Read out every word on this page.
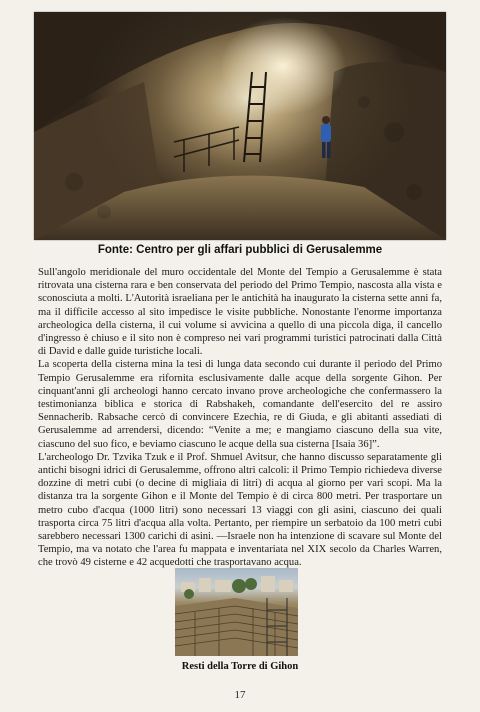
Fonte: Centro per gli affari pubblici di Gerusalemme

Sull'angolo meridionale del muro occidentale del Monte del Tempio a Gerusalemme è stata ritrovata una cisterna rara e ben conservata del periodo del Primo Tempio, nascosta alla vista e sconosciuta a molti. L'Autorità israeliana per le antichità ha inaugurato la cisterna sette anni fa, ma il difficile accesso al sito impedisce le visite pubbliche. Nonostante l'enorme importanza archeologica della cisterna, il cui volume si avvicina a quello di una piccola diga, il cancello d'ingresso è chiuso e il sito non è compreso nei vari programmi turistici patrocinati dalla Città di David e dalle guide turistiche locali.

La scoperta della cisterna mina la tesi di lunga data secondo cui durante il periodo del Primo Tempio Gerusalemme era rifornita esclusivamente dalle acque della sorgente Gihon. Per cinquant'anni gli archeologi hanno cercato invano prove archeologiche che confermassero la testimonianza biblica e storica di Rabshakeh, comandante dell'esercito del re assiro Sennacherib. Rabsache cercò di convincere Ezechia, re di Giuda, e gli abitanti assediati di Gerusalemme ad arrendersi, dicendo: “Venite a me; e mangiamo ciascuno della sua vite, ciascuno del suo fico, e beviamo ciascuno le acque della sua cisterna [Isaia 36]”.

L'archeologo Dr. Tzvika Tzuk e il Prof. Shmuel Avitsur, che hanno discusso separatamente gli antichi bisogni idrici di Gerusalemme, offrono altri calcoli: il Primo Tempio richiedeva diverse dozzine di metri cubi (o decine di migliaia di litri) di acqua al giorno per vari scopi. Ma la distanza tra la sorgente Gihon e il Monte del Tempio è di circa 800 metri. Per trasportare un metro cubo d'acqua (1000 litri) sono necessari 13 viaggi con gli asini, ciascuno dei quali trasporta circa 75 litri d'acqua alla volta. Pertanto, per riempire un serbatoio da 100 metri cubi sarebbero necessari 1300 carichi di asini. —Israele non ha intenzione di scavare sul Monte del Tempio, ma va notato che l'area fu mappata e inventariata nel XIX secolo da Charles Warren, che trovò 49 cisterne e 42 acquedotti che trasportavano acqua.

Resti della Torre di Gihon
17
